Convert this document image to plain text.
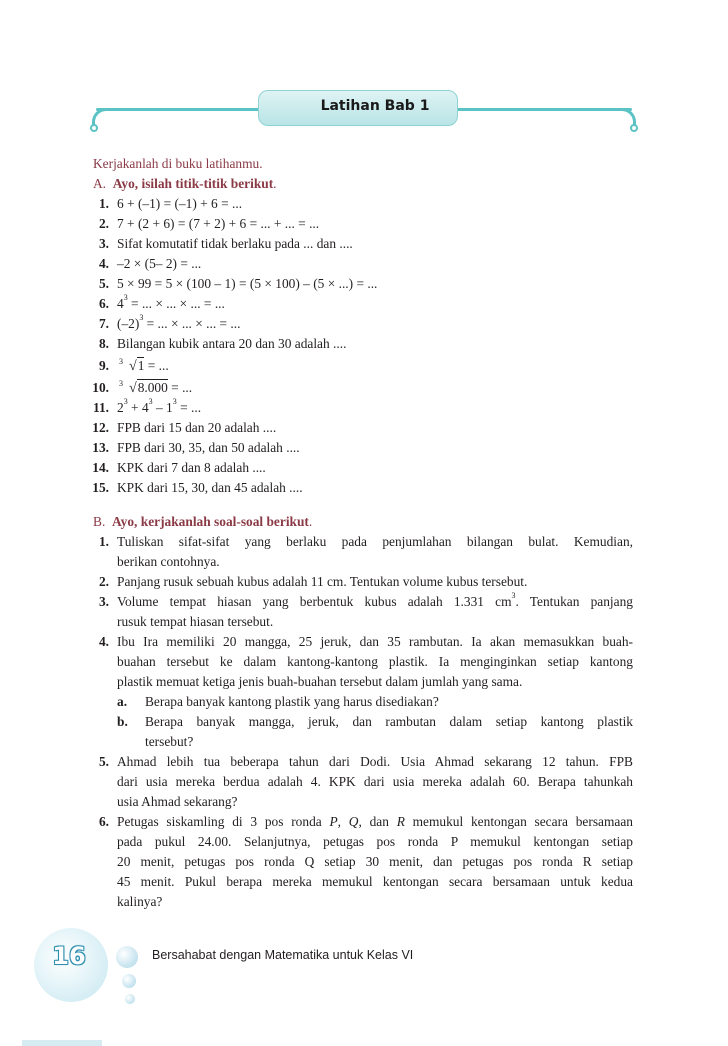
Latihan Bab 1
Kerjakanlah di buku latihanmu.
A.  Ayo, isilah titik-titik berikut.
1. 6 + (–1) = (–1) + 6 = ...
2. 7 + (2 + 6) = (7 + 2) + 6 = ... + ... = ...
3. Sifat komutatif tidak berlaku pada ... dan ....
4. –2 × (5– 2) = ...
5. 5 × 99 = 5 × (100 – 1) = (5 × 100) – (5 × ...) = ...
6. $4^3$ = ... × ... × ... = ...
7. $(-2)^3$ = ... × ... × ... = ...
8. Bilangan kubik antara 20 dan 30 adalah ....
9. 3 √1 = ...
10. 3 √8.000 = ...
11. $2^3 + 4^3 - 1^3$ = ...
12. FPB dari 15 dan 20 adalah ....
13. FPB dari 30, 35, dan 50 adalah ....
14. KPK dari 7 dan 8 adalah ....
15. KPK dari 15, 30, dan 45 adalah ....
B.  Ayo, kerjakanlah soal-soal berikut.
1. Tuliskan sifat-sifat yang berlaku pada penjumlahan bilangan bulat. Kemudian,
berikan contohnya.
2. Panjang rusuk sebuah kubus adalah 11 cm. Tentukan volume kubus tersebut.
3. Volume tempat hiasan yang berbentuk kubus adalah 1.331 $cm^3$. Tentukan panjang
rusuk tempat hiasan tersebut.
4. Ibu Ira memiliki 20 mangga, 25 jeruk, dan 35 rambutan. Ia akan memasukkan buah-
buahan tersebut ke dalam kantong-kantong plastik. Ia menginginkan setiap kantong
plastik memuat ketiga jenis buah-buahan tersebut dalam jumlah yang sama.
a. Berapa banyak kantong plastik yang harus disediakan?
b. Berapa banyak mangga, jeruk, dan rambutan dalam setiap kantong plastik
tersebut?
5. Ahmad lebih tua beberapa tahun dari Dodi. Usia Ahmad sekarang 12 tahun. FPB
dari usia mereka berdua adalah 4. KPK dari usia mereka adalah 60. Berapa tahunkah
usia Ahmad sekarang?
6. Petugas siskamling di 3 pos ronda P, Q, dan R memukul kentongan secara bersamaan
pada pukul 24.00. Selanjutnya, petugas pos ronda P memukul kentongan setiap
20 menit, petugas pos ronda Q setiap 30 menit, dan petugas pos ronda R setiap
45 menit. Pukul berapa mereka memukul kentongan secara bersamaan untuk kedua
kalinya?
16	Bersahabat dengan Matematika untuk Kelas VI
